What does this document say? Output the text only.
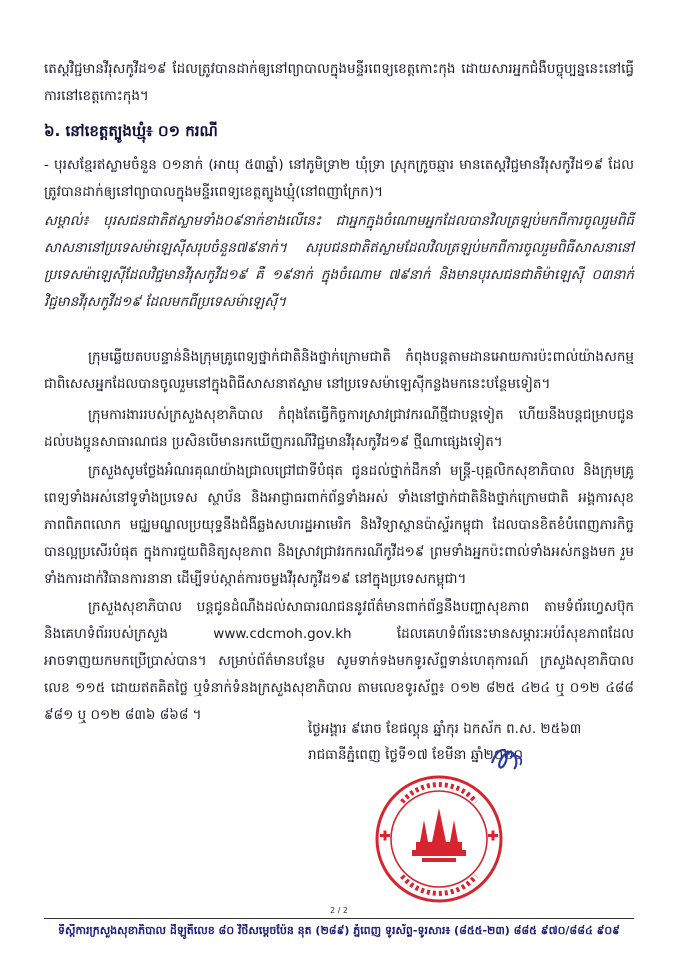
តេស្តវិជ្ជមានវីរុសកូវីដ១៩ ដែលត្រូវបានដាក់ឲ្យនៅព្យាបាលក្នុងមន្ទីរពេទ្យខេត្តកោះកុង ដោយសារអ្នកជំងឺបច្ចុប្បន្ននេះនៅធ្វើការនៅខេត្តកោះកុង។
៦. នៅខេត្តត្បូងឃ្មុំ៖ ០១ ករណី
- បុរសខ្មែរឥស្លាមចំនួន ០១នាក់ (អាយុ ៥៣ឆ្នាំ) នៅភូមិទ្រា២ ឃុំទ្រា ស្រុកក្រូចឆ្មារ មានតេស្តវិជ្ជមានវីរុសកូវីដ១៩ ដែលត្រូវបានដាក់ឲ្យនៅព្យាបាលក្នុងមន្ទីរពេទ្យខេត្តត្បូងឃ្មុំ(នៅពញាក្រែក)។
សម្គាល់៖ បុរសជនជាតិឥស្លាមទាំង០៩នាក់ខាងលើនេះ ជាអ្នកក្នុងចំណោមអ្នកដែលបានវិលត្រឡប់មកពីការចូលរួមពិធីសាសនានៅប្រទេសម៉ាឡេស៊ីសរុបចំនួន៧៩នាក់។ សរុបជនជាតិឥស្លាមដែលវិលត្រឡប់មកពីការចូលរួមពិធីសាសនានៅប្រទេសម៉ាឡេស៊ីដែលវិជ្ជមានវីរុសកូវីដ១៩ គឺ ១៩នាក់ ក្នុងចំណោម ៧៩នាក់ និងមានបុរសជនជាតិម៉ាឡេស៊ី ០៣នាក់ វិជ្ជមានវីរុសកូវីដ១៩ ដែលមកពីប្រទេសម៉ាឡេស៊ី។
ក្រុមឆ្លើយតបបន្ទាន់និងក្រុមគ្រូពេទ្យថ្នាក់ជាតិនិងថ្នាក់ក្រោមជាតិ កំពុងបន្តតាមដានអោយការប៉ះពាល់យ៉ាងសកម្ម ជាពិសេសអ្នកដែលបានចូលរួមនៅក្នុងពិធីសាសនាឥស្លាម នៅប្រទេសម៉ាឡេស៊ីកន្លងមកនេះបន្ថែមទៀត។
ក្រុមការងាររបស់ក្រសួងសុខាភិបាល កំពុងតែធ្វើកិច្ចការស្រាវជ្រាវករណីថ្មីជាបន្តទៀត ហើយនឹងបន្តជម្រាបជូនដល់បងប្អូនសាធារណជន ប្រសិនបើមានរកឃើញករណីវិជ្ជមានវីរុសកូវីដ១៩ ថ្មីណាផ្សេងទៀត។
ក្រសួងសូមថ្លែងអំណរគុណយ៉ាងជ្រាលជ្រៅជាទីបំផុត ជូនដល់ថ្នាក់ដឹកនាំ មន្ត្រី-បុគ្គលិកសុខាភិបាល និងក្រុមគ្រូពេទ្យទាំងអស់នៅទូទាំងប្រទេស ស្ថាប័ន និងអាជ្ញាធរពាក់ព័ន្ធទាំងអស់ ទាំងនៅថ្នាក់ជាតិនិងថ្នាក់ក្រោមជាតិ អង្គការសុខភាពពិភពលោក មជ្ឈមណ្ឌលប្រយុទ្ធនឹងជំងឺឆ្លងសហរដ្ឋអាមេរិក និងវិទ្យាស្ថានប៉ាស្ទ័រកម្ពុជា ដែលបានខិតខំបំពេញភារកិច្ចបានល្អប្រសើរបំផុត ក្នុងការជួយពិនិត្យសុខភាព និងស្រាវជ្រាវរកករណីកូវីដ១៩ ព្រមទាំងអ្នកប៉ះពាល់ទាំងអស់កន្លងមក រួមទាំងការដាក់វិធានការនានា ដើម្បីទប់ស្កាត់ការចម្លងវីរុសកូវីដ១៩ នៅក្នុងប្រទេសកម្ពុជា។
ក្រសួងសុខាភិបាល បន្តជូនដំណឹងដល់សាធារណជននូវព័ត៌មានពាក់ព័ន្ធនឹងបញ្ហាសុខភាព តាមទំព័រហ្វេសប៊ុក និងគេហទំព័ររបស់ក្រសួង www.cdcmoh.gov.kh ដែលគេហទំព័រនេះមានសម្ភារៈអប់រំសុខភាពដែលអាចទាញយកមកប្រើប្រាស់បាន។ សម្រាប់ព័ត៌មានបន្ថែម សូមទាក់ទងមកទូរស័ព្ទទាន់ហេតុការណ៍ ក្រសួងសុខាភិបាល លេខ ១១៥ ដោយឥតគិតថ្លៃ ឬទំនាក់ទំនងក្រសួងសុខាភិបាល តាមលេខទូរស័ព្ទ៖ ០១២ ៨២៥ ៤២៤ ឬ ០១២ ៤៨៨ ៩៨១ ឬ ០១២ ៨៣៦ ៨៦៨ ។
ថ្ងៃអង្គារ ៩រោច ខែផល្គុន ឆ្នាំកុរ ឯកស័ក ព.ស. ២៥៦៣
រាជធានីភ្នំពេញ ថ្ងៃទី១៧ ខែមីនា ឆ្នាំ២០២០
2 / 2
ទីស្តីការក្រសួងសុខាភិបាល ដីឡូតិ៍លេខ ៨០ វិថីសម្តេចប៉ែន នុត (២៨៩) ភ្នំពេញ ទូរស័ព្ទ-ទូរសារ៖ (៨៥៥-២៣) ៨៨៥ ៩៧០/៨៨៤ ៩០៩
